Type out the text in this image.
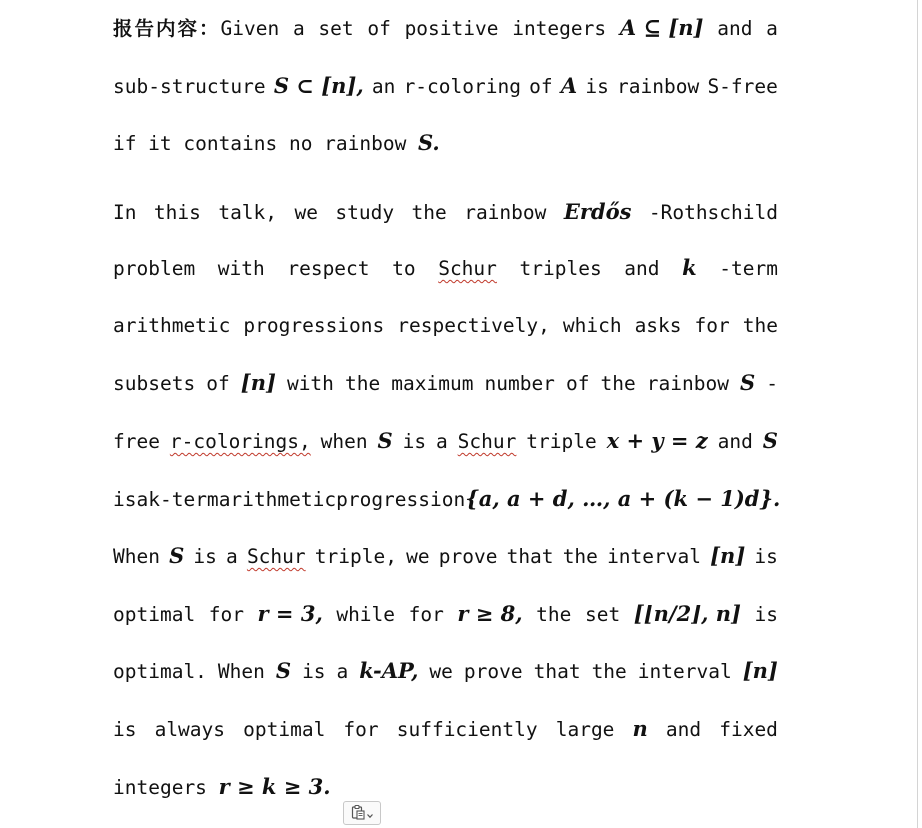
报告内容：Given a set of positive integers A ⊆ [n] and a
sub-structure S ⊂ [n], an r-coloring of A is rainbow S-free
if it contains no rainbow S.
In this talk, we study the rainbow Erdős -Rothschild
problem with respect to Schur triples and k -term
arithmetic progressions respectively, which asks for the
subsets of [n] with the maximum number of the rainbow S -
free r-colorings, when S is a Schur triple x + y = z and S
is a k-term arithmetic progression {a, a + d, …, a + (k − 1)d}.
When S is a Schur triple, we prove that the interval [n] is
optimal for r = 3, while for r ≥ 8, the set [⌊n/2⌋, n] is
optimal. When S is a k-AP, we prove that the interval [n]
is always optimal for sufficiently large n and fixed
integers r ≥ k ≥ 3.
